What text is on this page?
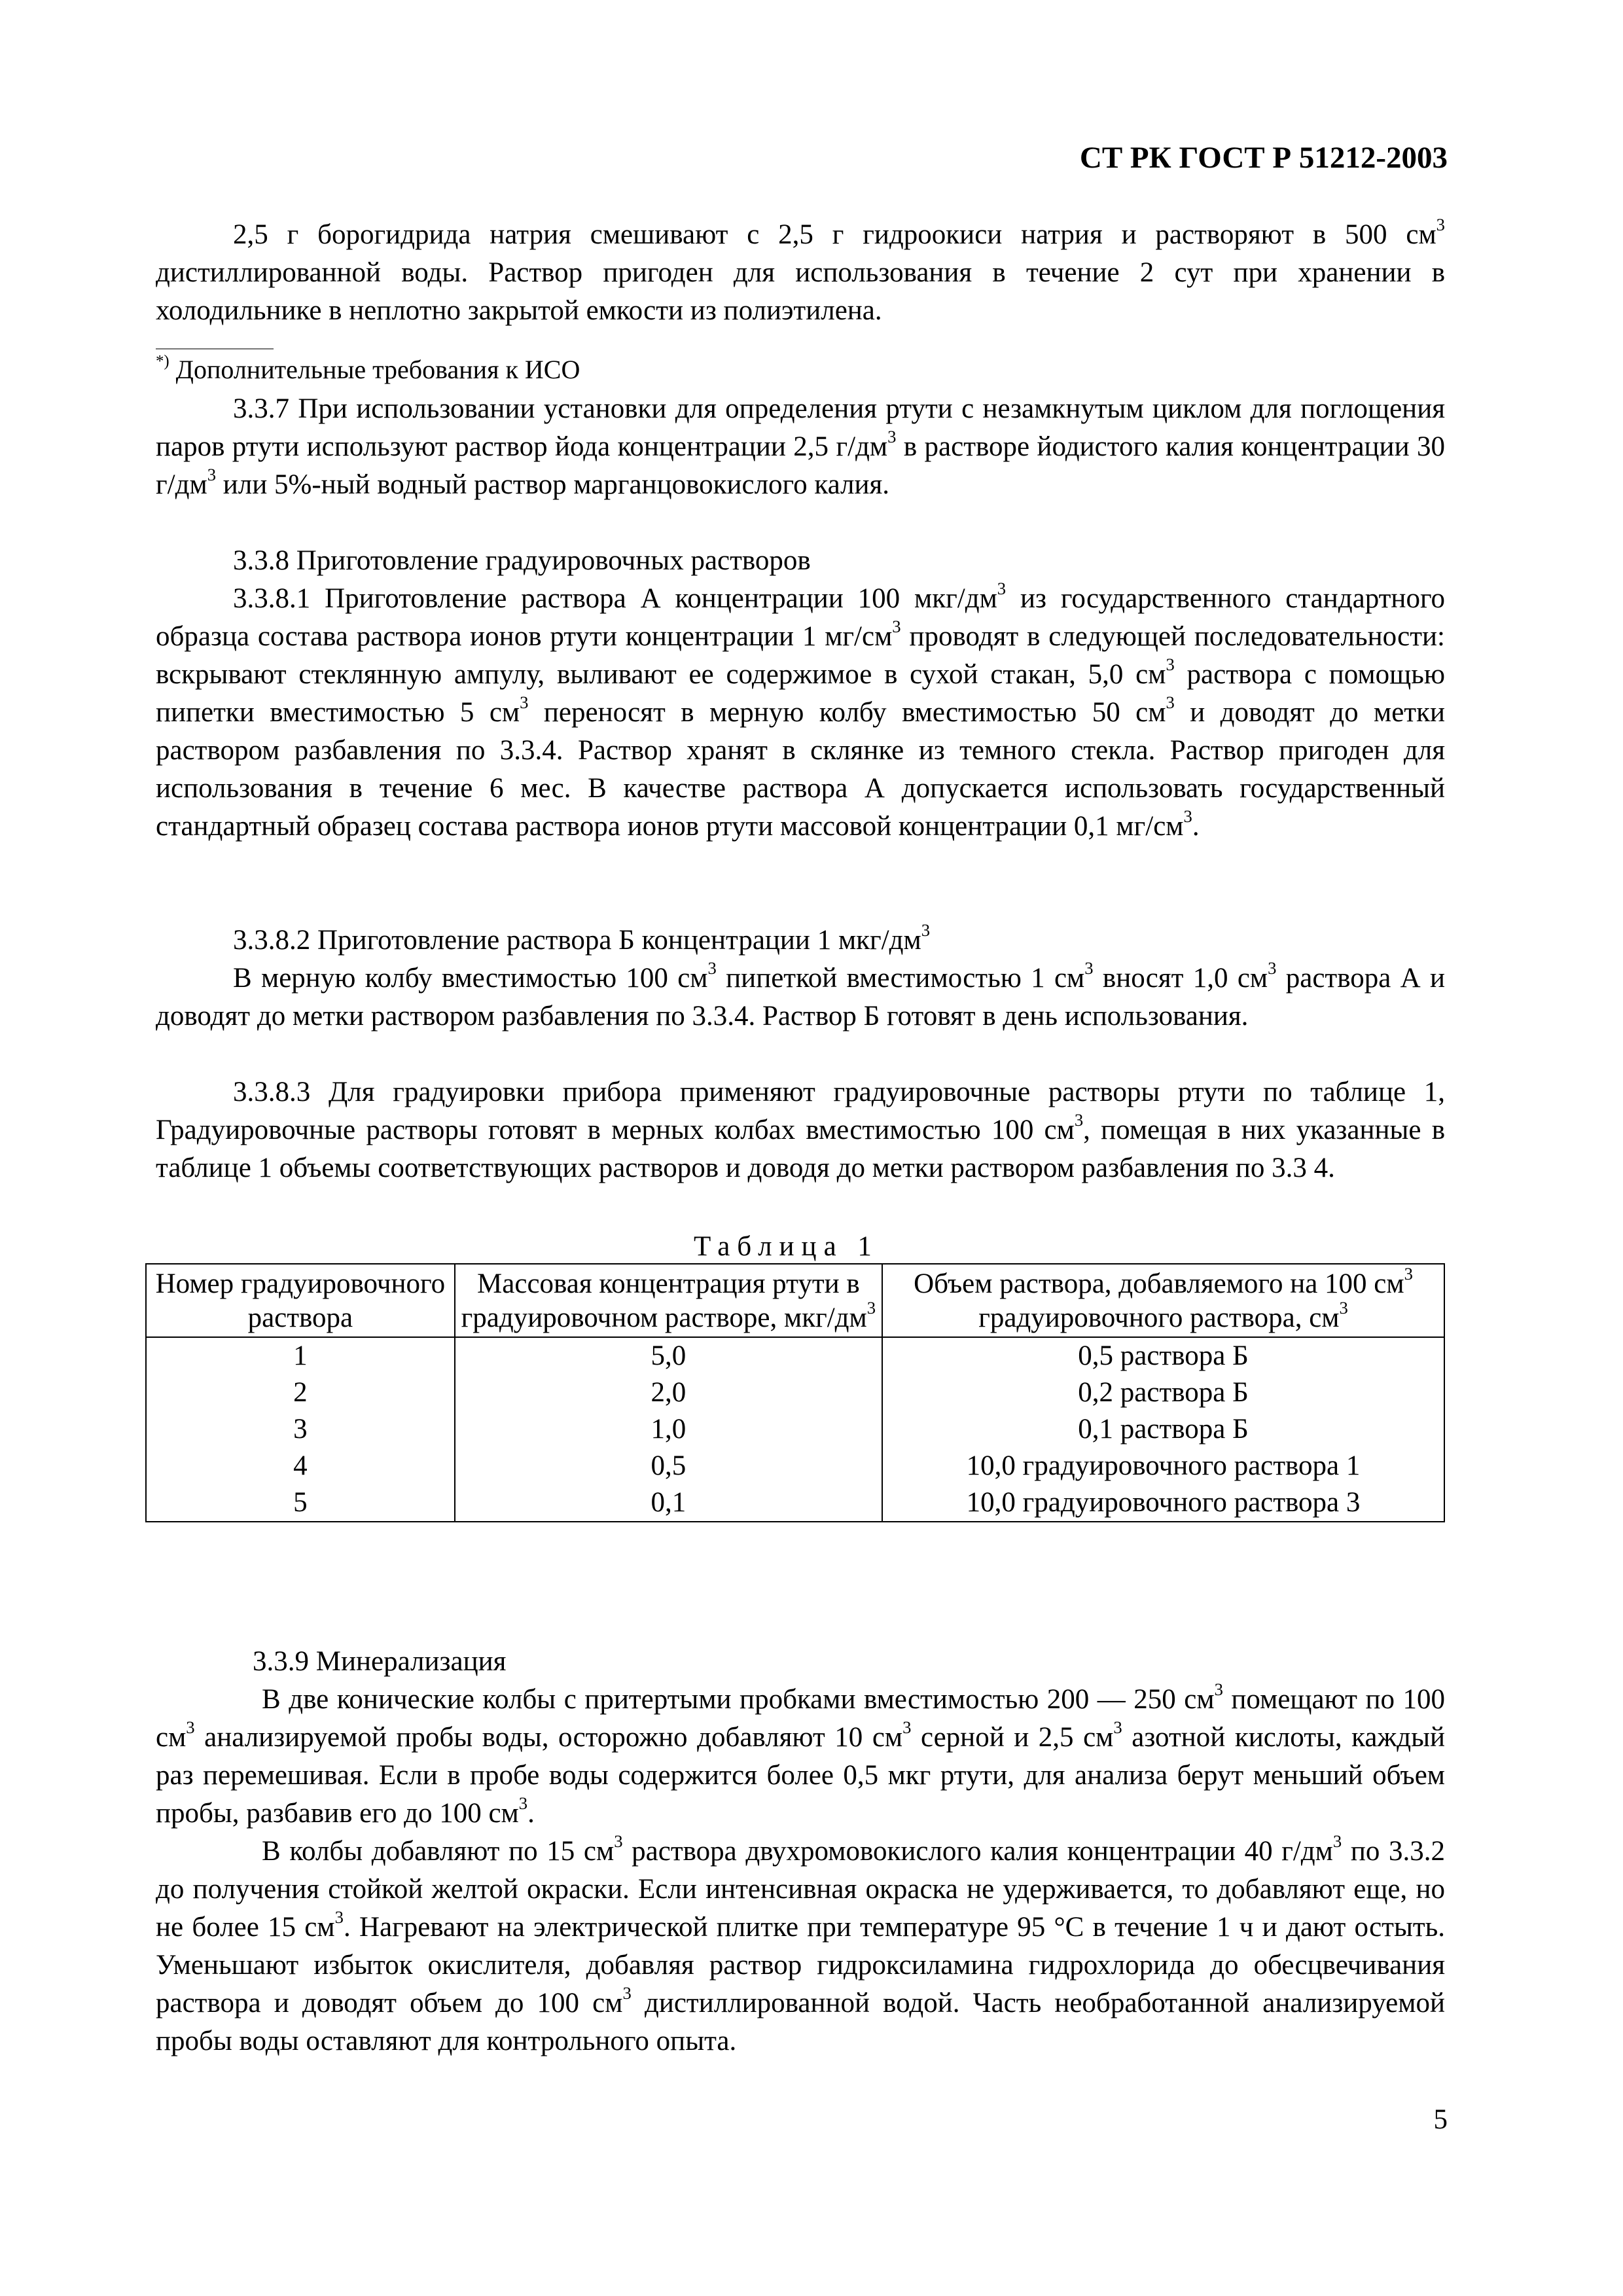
СТ РК ГОСТ Р 51212-2003

2,5 г борогидрида натрия смешивают с 2,5 г гидроокиси натрия и растворяют в 500 $см^3$ дистиллированной воды. Раствор пригоден для использования в течение 2 сут при хранении в холодильнике в неплотно закрытой емкости из полиэтилена.

*) Дополнительные требования к ИСО

3.3.7 При использовании установки для определения ртути с незамкнутым циклом для поглощения паров ртути используют раствор йода концентрации 2,5 $г/дм^3$ в растворе йодистого калия концентрации 30 $г/дм^3$ или 5%-ный водный раствор марганцовокислого калия.

3.3.8 Приготовление градуировочных растворов

3.3.8.1 Приготовление раствора А концентрации 100 мкг/$дм^3$ из государственного стандартного образца состава раствора ионов ртути концентрации 1 $мг/см^3$ проводят в следующей последовательности: вскрывают стеклянную ампулу, выливают ее содержимое в сухой стакан, 5,0 $см^3$ раствора с помощью пипетки вместимостью 5 $см^3$ переносят в мерную колбу вместимостью 50 $см^3$ и доводят до метки раствором разбавления по 3.3.4. Раствор хранят в склянке из темного стекла. Раствор пригоден для использования в течение 6 мес. В качестве раствора А допускается использовать государственный стандартный образец состава раствора ионов ртути массовой концентрации 0,1 $мг/см^3$.

3.3.8.2 Приготовление раствора Б концентрации 1 мкг/$дм^3$

В мерную колбу вместимостью 100 $см^3$ пипеткой вместимостью 1 $см^3$ вносят 1,0 $см^3$ раствора А и доводят до метки раствором разбавления по 3.3.4. Раствор Б готовят в день использования.

3.3.8.3 Для градуировки прибора применяют градуировочные растворы ртути по таблице 1, Градуировочные растворы готовят в мерных колбах вместимостью 100 $см^3$, помещая в них указанные в таблице 1 объемы соответствующих растворов и доводя до метки раствором разбавления по 3.3 4.

Таблица 1
Номер градуировочного раствора	Массовая концентрация ртути в градуировочном растворе, мкг/$дм^3$	Объем раствора, добавляемого на 100 $см^3$ градуировочного раствора, $см^3$
1	5,0	0,5 раствора Б
2	2,0	0,2 раствора Б
3	1,0	0,1 раствора Б
4	0,5	10,0 градуировочного раствора 1
5	0,1	10,0 градуировочного раствора 3

3.3.9 Минерализация

В две конические колбы с притертыми пробками вместимостью 200 — 250 $см^3$ помещают по 100 $см^3$ анализируемой пробы воды, осторожно добавляют 10 $см^3$ серной и 2,5 $см^3$ азотной кислоты, каждый раз перемешивая. Если в пробе воды содержится более 0,5 мкг ртути, для анализа берут меньший объем пробы, разбавив его до 100 $см^3$.

В колбы добавляют по 15 $см^3$ раствора двухромовокислого калия концентрации 40 $г/дм^3$ по 3.3.2 до получения стойкой желтой окраски. Если интенсивная окраска не удерживается, то добавляют еще, но не более 15 $см^3$. Нагревают на электрической плитке при температуре 95 °С в течение 1 ч и дают остыть. Уменьшают избыток окислителя, добавляя раствор гидроксиламина гидрохлорида до обесцвечивания раствора и доводят объем до 100 $см^3$ дистиллированной водой. Часть необработанной анализируемой пробы воды оставляют для контрольного опыта.

5
